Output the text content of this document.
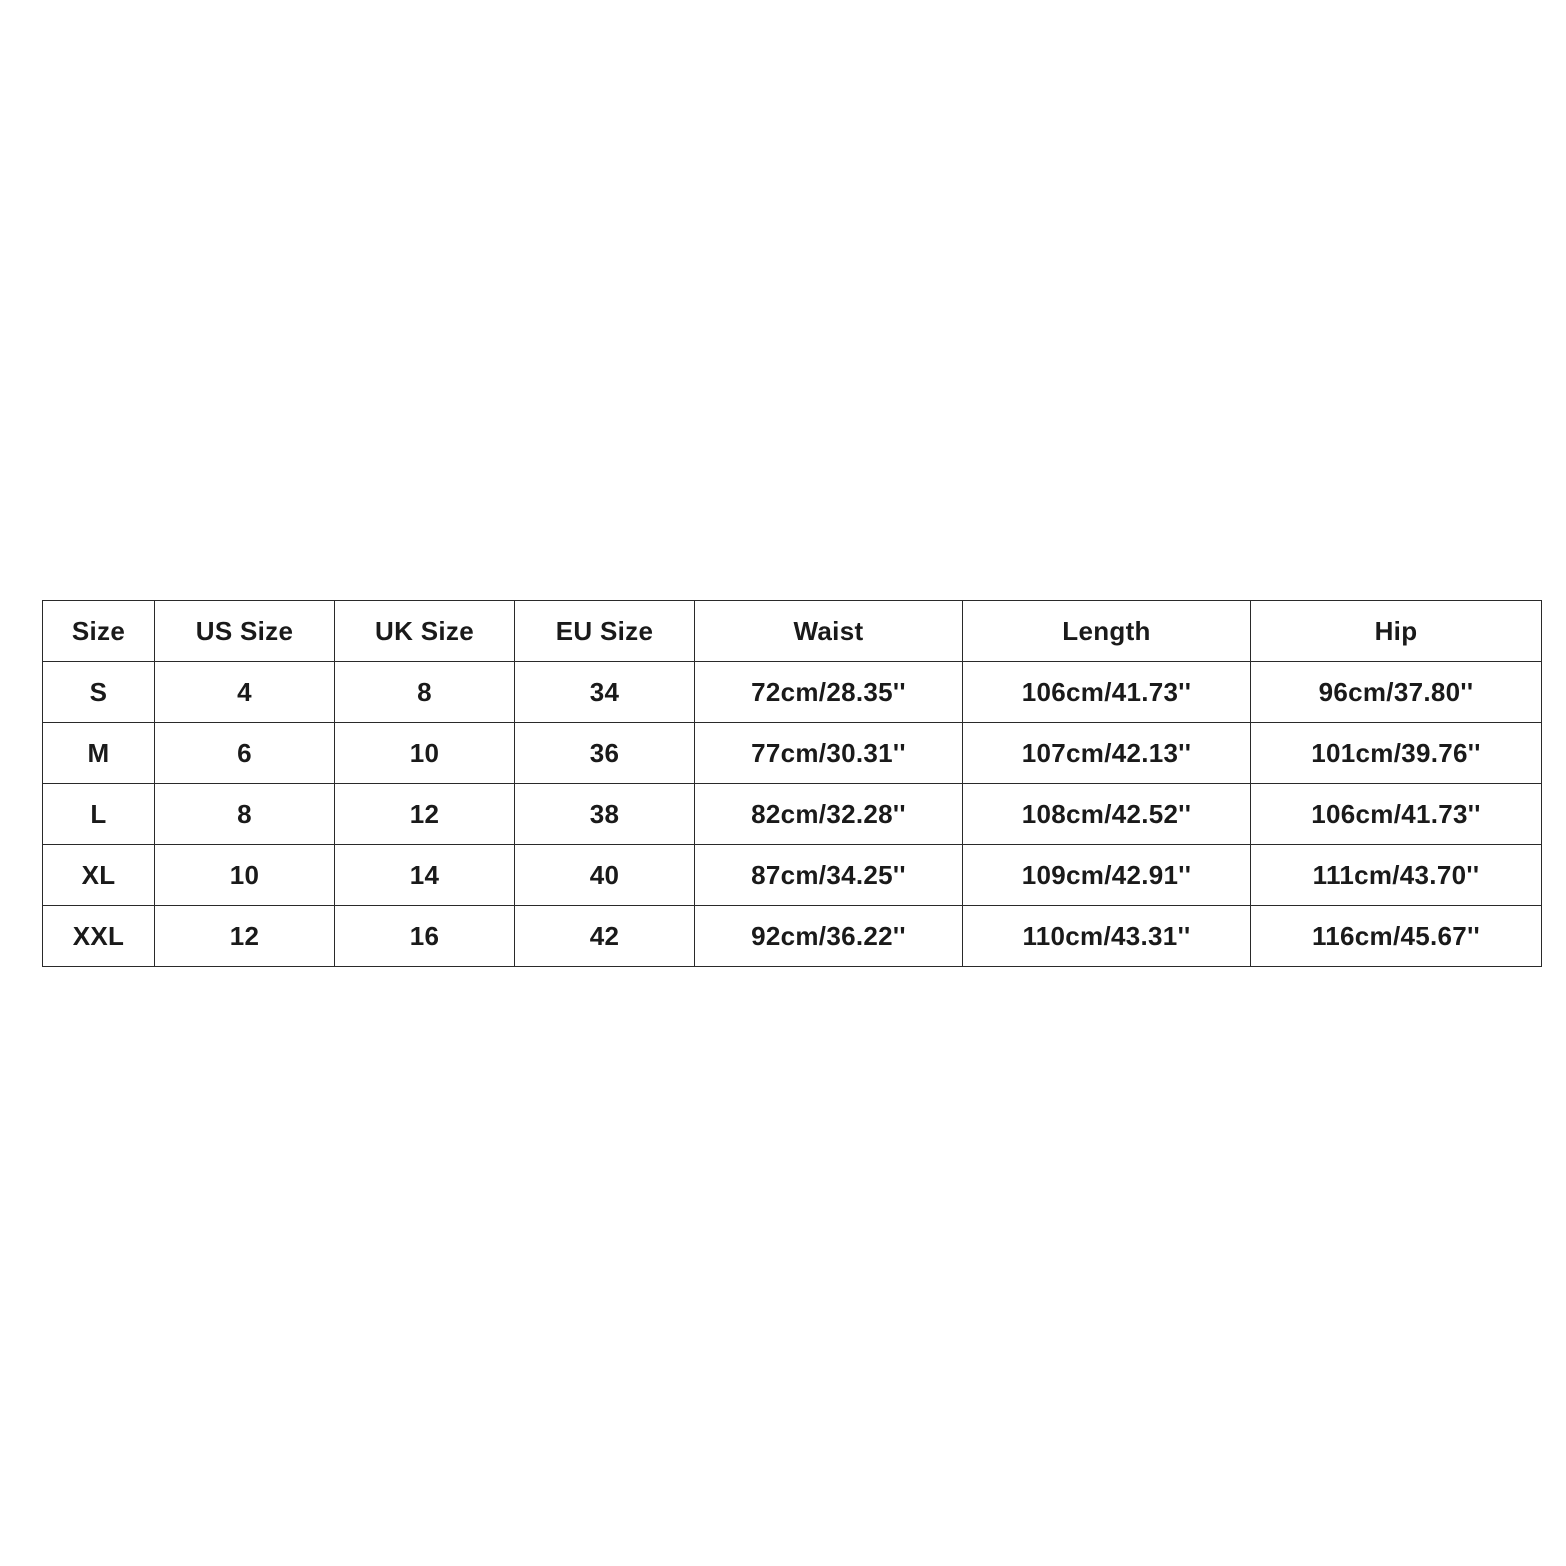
Size	US Size	UK Size	EU Size	Waist	Length	Hip
S	4	8	34	72cm/28.35''	106cm/41.73''	96cm/37.80''
M	6	10	36	77cm/30.31''	107cm/42.13''	101cm/39.76''
L	8	12	38	82cm/32.28''	108cm/42.52''	106cm/41.73''
XL	10	14	40	87cm/34.25''	109cm/42.91''	111cm/43.70''
XXL	12	16	42	92cm/36.22''	110cm/43.31''	116cm/45.67''
